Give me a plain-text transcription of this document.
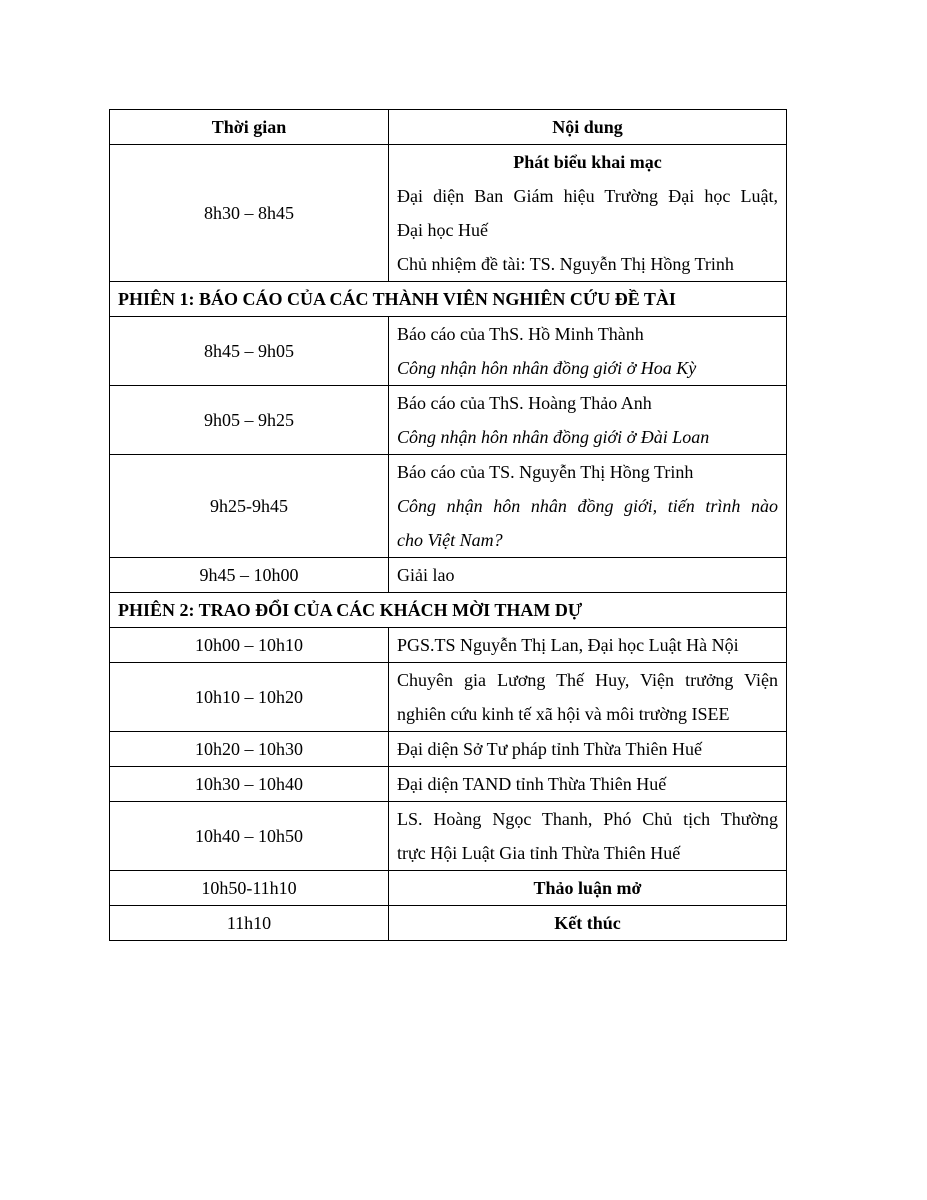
Thời gian	Nội dung
8h30 – 8h45	Phát biểu khai mạc
Đại diện Ban Giám hiệu Trường Đại học Luật,
Đại học Huế
Chủ nhiệm đề tài: TS. Nguyễn Thị Hồng Trinh

PHIÊN 1: BÁO CÁO CỦA CÁC THÀNH VIÊN NGHIÊN CỨU ĐỀ TÀI	
8h45 – 9h05	Báo cáo của ThS. Hồ Minh Thành
Công nhận hôn nhân đồng giới ở Hoa Kỳ

9h05 – 9h25	Báo cáo của ThS. Hoàng Thảo Anh
Công nhận hôn nhân đồng giới ở Đài Loan

9h25-9h45	Báo cáo của TS. Nguyễn Thị Hồng Trinh
Công nhận hôn nhân đồng giới, tiến trình nào
cho Việt Nam?

9h45 – 10h00	Giải lao
PHIÊN 2: TRAO ĐỔI CỦA CÁC KHÁCH MỜI THAM DỰ	
10h00 – 10h10	PGS.TS Nguyễn Thị Lan, Đại học Luật Hà Nội

10h10 – 10h20	Chuyên gia Lương Thế Huy, Viện trưởng Viện
nghiên cứu kinh tế xã hội và môi trường ISEE

10h20 – 10h30	Đại diện Sở Tư pháp tỉnh Thừa Thiên Huế

10h30 – 10h40	Đại diện TAND tỉnh Thừa Thiên Huế

10h40 – 10h50	LS. Hoàng Ngọc Thanh, Phó Chủ tịch Thường
trực Hội Luật Gia tỉnh Thừa Thiên Huế

10h50-11h10	Thảo luận mở
11h10	Kết thúc
